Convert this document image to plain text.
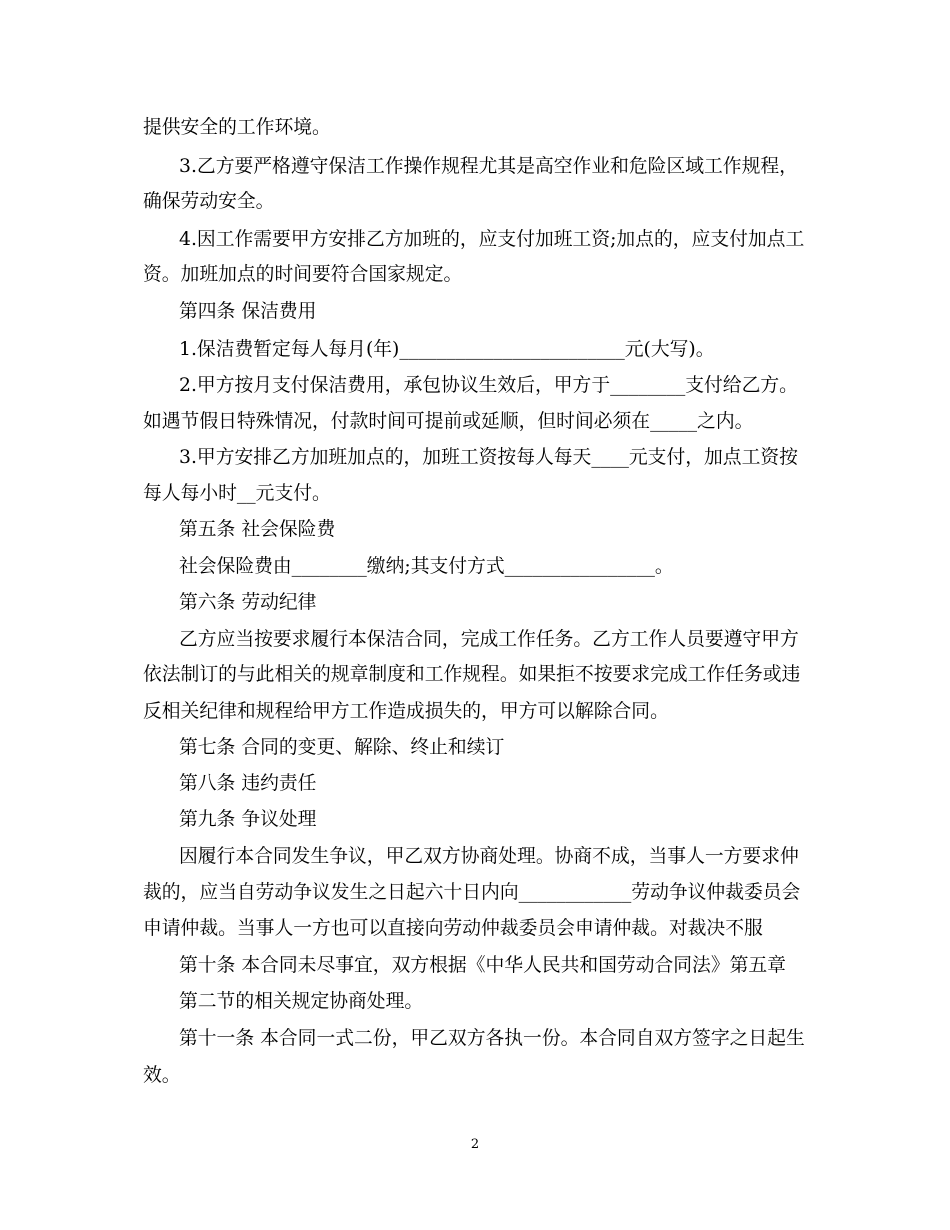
提供安全的工作环境。
3.乙方要严格遵守保洁工作操作规程尤其是高空作业和危险区域工作规程，
确保劳动安全。
4.因工作需要甲方安排乙方加班的，应支付加班工资;加点的，应支付加点工
资。加班加点的时间要符合国家规定。
第四条 保洁费用
1.保洁费暂定每人每月(年)________________________元(大写)。
2.甲方按月支付保洁费用，承包协议生效后，甲方于________支付给乙方。
如遇节假日特殊情况，付款时间可提前或延顺，但时间必须在_____之内。
3.甲方安排乙方加班加点的，加班工资按每人每天____元支付，加点工资按
每人每小时__元支付。
第五条 社会保险费
社会保险费由________缴纳;其支付方式________________。
第六条 劳动纪律
乙方应当按要求履行本保洁合同，完成工作任务。乙方工作人员要遵守甲方
依法制订的与此相关的规章制度和工作规程。如果拒不按要求完成工作任务或违
反相关纪律和规程给甲方工作造成损失的，甲方可以解除合同。
第七条 合同的变更、解除、终止和续订
第八条 违约责任
第九条 争议处理
因履行本合同发生争议，甲乙双方协商处理。协商不成，当事人一方要求仲
裁的，应当自劳动争议发生之日起六十日内向____________劳动争议仲裁委员会
申请仲裁。当事人一方也可以直接向劳动仲裁委员会申请仲裁。对裁决不服
第十条 本合同未尽事宜，双方根据《中华人民共和国劳动合同法》第五章
第二节的相关规定协商处理。
第十一条 本合同一式二份，甲乙双方各执一份。本合同自双方签字之日起生
效。
2
